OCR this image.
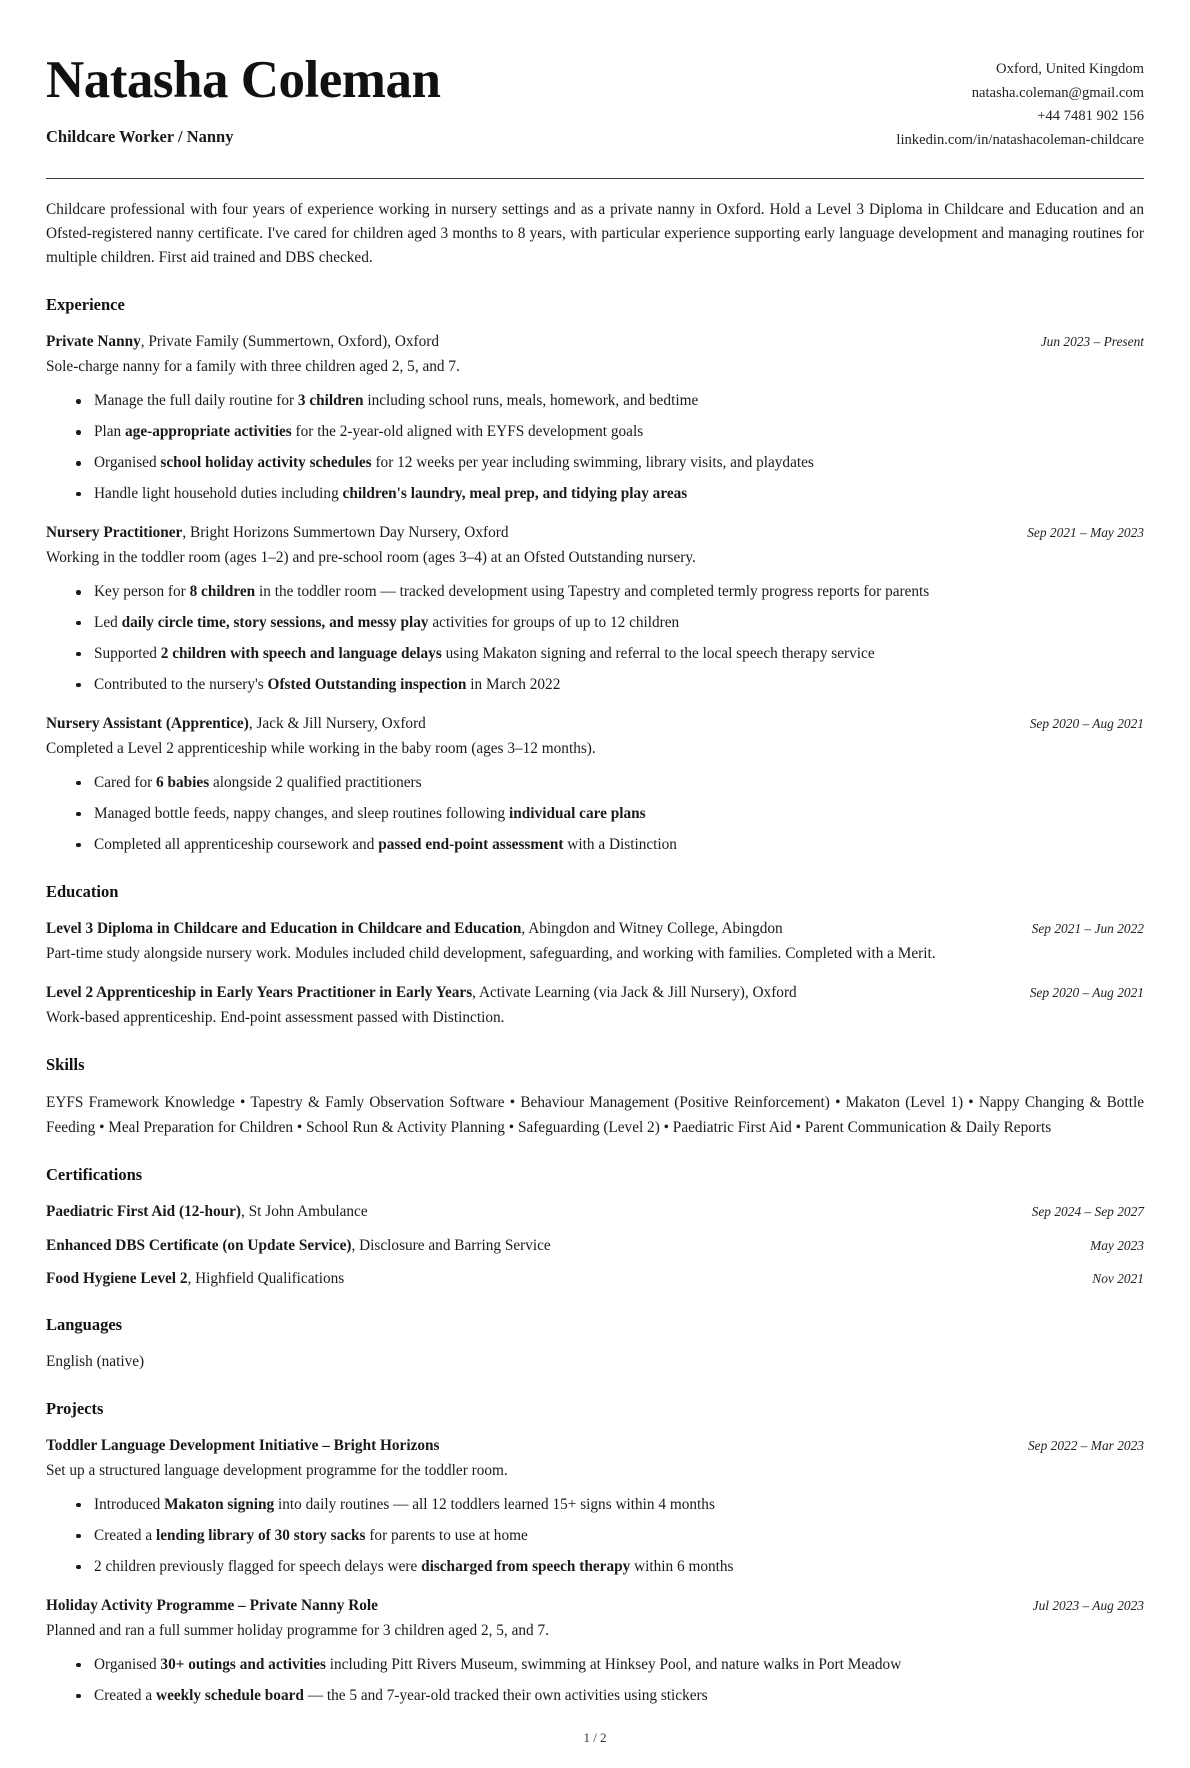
Natasha Coleman
Childcare Worker / Nanny
Oxford, United Kingdom
natasha.coleman@gmail.com
+44 7481 902 156
linkedin.com/in/natashacoleman-childcare
Childcare professional with four years of experience working in nursery settings and as a private nanny in Oxford. Hold a Level 3 Diploma in Childcare and Education and an Ofsted-registered nanny certificate. I've cared for children aged 3 months to 8 years, with particular experience supporting early language development and managing routines for multiple children. First aid trained and DBS checked.
Experience
Private Nanny, Private Family (Summertown, Oxford), Oxford	Jun 2023 – Present
Sole-charge nanny for a family with three children aged 2, 5, and 7.
Manage the full daily routine for 3 children including school runs, meals, homework, and bedtime
Plan age-appropriate activities for the 2-year-old aligned with EYFS development goals
Organised school holiday activity schedules for 12 weeks per year including swimming, library visits, and playdates
Handle light household duties including children's laundry, meal prep, and tidying play areas
Nursery Practitioner, Bright Horizons Summertown Day Nursery, Oxford	Sep 2021 – May 2023
Working in the toddler room (ages 1–2) and pre-school room (ages 3–4) at an Ofsted Outstanding nursery.
Key person for 8 children in the toddler room — tracked development using Tapestry and completed termly progress reports for parents
Led daily circle time, story sessions, and messy play activities for groups of up to 12 children
Supported 2 children with speech and language delays using Makaton signing and referral to the local speech therapy service
Contributed to the nursery's Ofsted Outstanding inspection in March 2022
Nursery Assistant (Apprentice), Jack & Jill Nursery, Oxford	Sep 2020 – Aug 2021
Completed a Level 2 apprenticeship while working in the baby room (ages 3–12 months).
Cared for 6 babies alongside 2 qualified practitioners
Managed bottle feeds, nappy changes, and sleep routines following individual care plans
Completed all apprenticeship coursework and passed end-point assessment with a Distinction
Education
Level 3 Diploma in Childcare and Education in Childcare and Education, Abingdon and Witney College, Abingdon	Sep 2021 – Jun 2022
Part-time study alongside nursery work. Modules included child development, safeguarding, and working with families. Completed with a Merit.
Level 2 Apprenticeship in Early Years Practitioner in Early Years, Activate Learning (via Jack & Jill Nursery), Oxford	Sep 2020 – Aug 2021
Work-based apprenticeship. End-point assessment passed with Distinction.
Skills
EYFS Framework Knowledge • Tapestry & Famly Observation Software • Behaviour Management (Positive Reinforcement) • Makaton (Level 1) • Nappy Changing & Bottle Feeding • Meal Preparation for Children • School Run & Activity Planning • Safeguarding (Level 2) • Paediatric First Aid • Parent Communication & Daily Reports
Certifications
Paediatric First Aid (12-hour), St John Ambulance	Sep 2024 – Sep 2027
Enhanced DBS Certificate (on Update Service), Disclosure and Barring Service	May 2023
Food Hygiene Level 2, Highfield Qualifications	Nov 2021
Languages
English (native)
Projects
Toddler Language Development Initiative – Bright Horizons	Sep 2022 – Mar 2023
Set up a structured language development programme for the toddler room.
Introduced Makaton signing into daily routines — all 12 toddlers learned 15+ signs within 4 months
Created a lending library of 30 story sacks for parents to use at home
2 children previously flagged for speech delays were discharged from speech therapy within 6 months
Holiday Activity Programme – Private Nanny Role	Jul 2023 – Aug 2023
Planned and ran a full summer holiday programme for 3 children aged 2, 5, and 7.
Organised 30+ outings and activities including Pitt Rivers Museum, swimming at Hinksey Pool, and nature walks in Port Meadow
Created a weekly schedule board — the 5 and 7-year-old tracked their own activities using stickers
1 / 2
